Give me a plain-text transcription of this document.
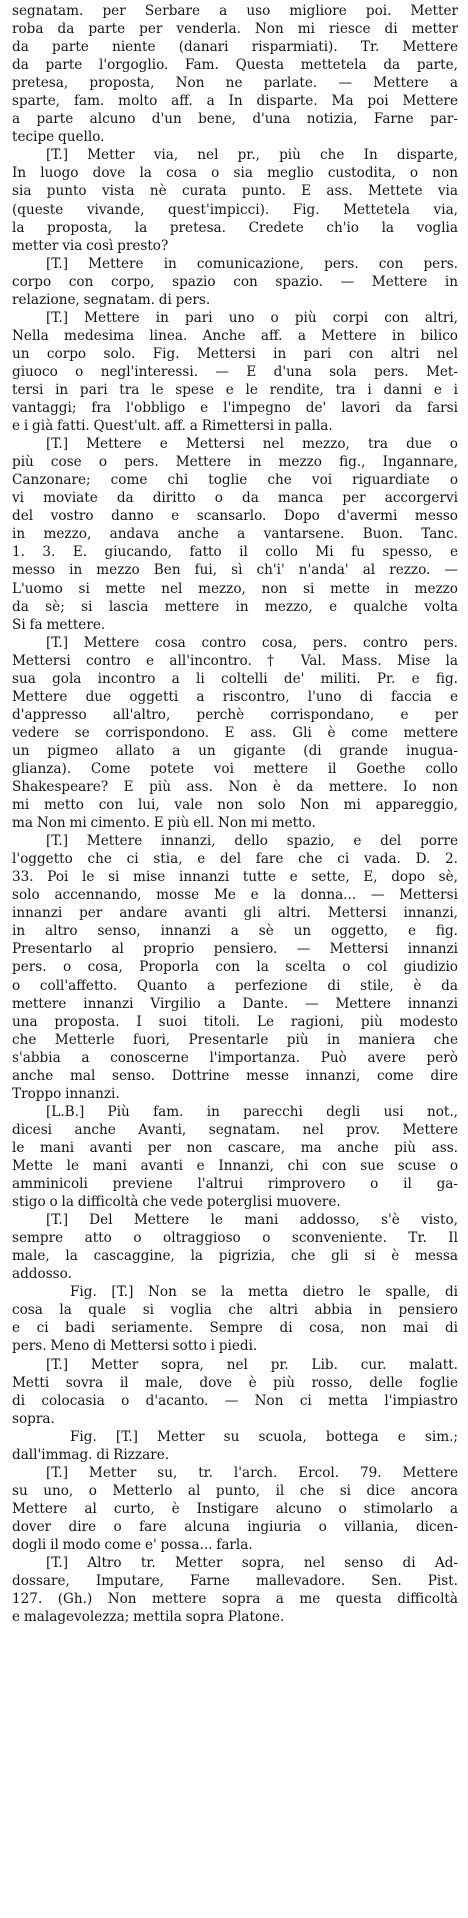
segnatam. per Serbare a uso migliore poi. Metter
roba da parte per venderla. Non mi riesce di metter
da parte niente (danari risparmiati). Tr. Mettere
da parte l'orgoglio. Fam. Questa mettetela da parte,
pretesa, proposta, Non ne parlate. — Mettere a
sparte, fam. molto aff. a In disparte. Ma poi Mettere
a parte alcuno d'un bene, d'una notizia, Farne par-
tecipe quello.
[T.] Metter via, nel pr., più che In disparte,
In luogo dove la cosa o sia meglio custodita, o non
sia punto vista nè curata punto. E ass. Mettete via
(queste vivande, quest'impicci). Fig. Mettetela via,
la proposta, la pretesa. Credete ch'io la voglia
metter via così presto?
[T.] Mettere in comunicazione, pers. con pers.
corpo con corpo, spazio con spazio. — Mettere in
relazione, segnatam. di pers.
[T.] Mettere in pari uno o più corpi con altri,
Nella medesima linea. Anche aff. a Mettere in bilico
un corpo solo. Fig. Mettersi in pari con altri nel
giuoco o negl'interessi. — E d'una sola pers. Met-
tersi in pari tra le spese e le rendite, tra i danni e i
vantaggi; fra l'obbligo e l'impegno de' lavori da farsi
e i già fatti. Quest'ult. aff. a Rimettersi in palla.
[T.] Mettere e Mettersi nel mezzo, tra due o
più cose o pers. Mettere in mezzo fig., Ingannare,
Canzonare; come chi toglie che voi riguardiate o
vi moviate da diritto o da manca per accorgervi
del vostro danno e scansarlo. Dopo d'avermi messo
in mezzo, andava anche a vantarsene. Buon. Tanc.
1. 3. E. giucando, fatto il collo Mi fu spesso, e
messo in mezzo Ben fui, sì ch'i' n'anda' al rezzo. —
L'uomo si mette nel mezzo, non si mette in mezzo
da sè; si lascia mettere in mezzo, e qualche volta
Si fa mettere.
[T.] Mettere cosa contro cosa, pers. contro pers.
Mettersi contro e all'incontro. † Val. Mass. Mise la
sua gola incontro a li coltelli de' militi. Pr. e fig.
Mettere due oggetti a riscontro, l'uno di faccia e
d'appresso all'altro, perchè corrispondano, e per
vedere se corrispondono. E ass. Gli è come mettere
un pigmeo allato a un gigante (di grande inugua-
glianza). Come potete voi mettere il Goethe collo
Shakespeare? E più ass. Non è da mettere. Io non
mi metto con lui, vale non solo Non mi appareggio,
ma Non mi cimento. E più ell. Non mi metto.
[T.] Mettere innanzi, dello spazio, e del porre
l'oggetto che ci stia, e del fare che ci vada. D. 2.
33. Poi le si mise innanzi tutte e sette, E, dopo sè,
solo accennando, mosse Me e la donna... — Mettersi
innanzi per andare avanti gli altri. Mettersi innanzi,
in altro senso, innanzi a sè un oggetto, e fig.
Presentarlo al proprio pensiero. — Mettersi innanzi
pers. o cosa, Proporla con la scelta o col giudizio
o coll'affetto. Quanto a perfezione di stile, è da
mettere innanzi Virgilio a Dante. — Mettere innanzi
una proposta. I suoi titoli. Le ragioni, più modesto
che Metterle fuori, Presentarle più in maniera che
s'abbia a conoscerne l'importanza. Può avere però
anche mal senso. Dottrine messe innanzi, come dire
Troppo innanzi.
[L.B.] Più fam. in parecchi degli usi not.,
dicesi anche Avanti, segnatam. nel prov. Mettere
le mani avanti per non cascare, ma anche più ass.
Mette le mani avanti e Innanzi, chi con sue scuse o
amminicoli previene l'altrui rimprovero o il ga-
stigo o la difficoltà che vede poterglisi muovere.
[T.] Del Mettere le mani addosso, s'è visto,
sempre atto o oltraggioso o sconveniente. Tr. Il
male, la cascaggine, la pigrizia, che gli si è messa
addosso.
Fig. [T.] Non se la metta dietro le spalle, di
cosa la quale si voglia che altri abbia in pensiero
e ci badi seriamente. Sempre di cosa, non mai di
pers. Meno di Mettersi sotto i piedi.
[T.] Metter sopra, nel pr. Lib. cur. malatt.
Metti sovra il male, dove è più rosso, delle foglie
di colocasia o d'acanto. — Non ci metta l'impiastro
sopra.
Fig. [T.] Metter su scuola, bottega e sim.;
dall'immag. di Rizzare.
[T.] Metter su, tr. l'arch. Ercol. 79. Mettere
su uno, o Metterlo al punto, il che si dice ancora
Mettere al curto, è Instigare alcuno o stimolarlo a
dover dire o fare alcuna ingiuria o villania, dicen-
dogli il modo come e' possa... farla.
[T.] Altro tr. Metter sopra, nel senso di Ad-
dossare, Imputare, Farne mallevadore. Sen. Pist.
127. (Gh.) Non mettere sopra a me questa difficoltà
e malagevolezza; mettila sopra Platone.
